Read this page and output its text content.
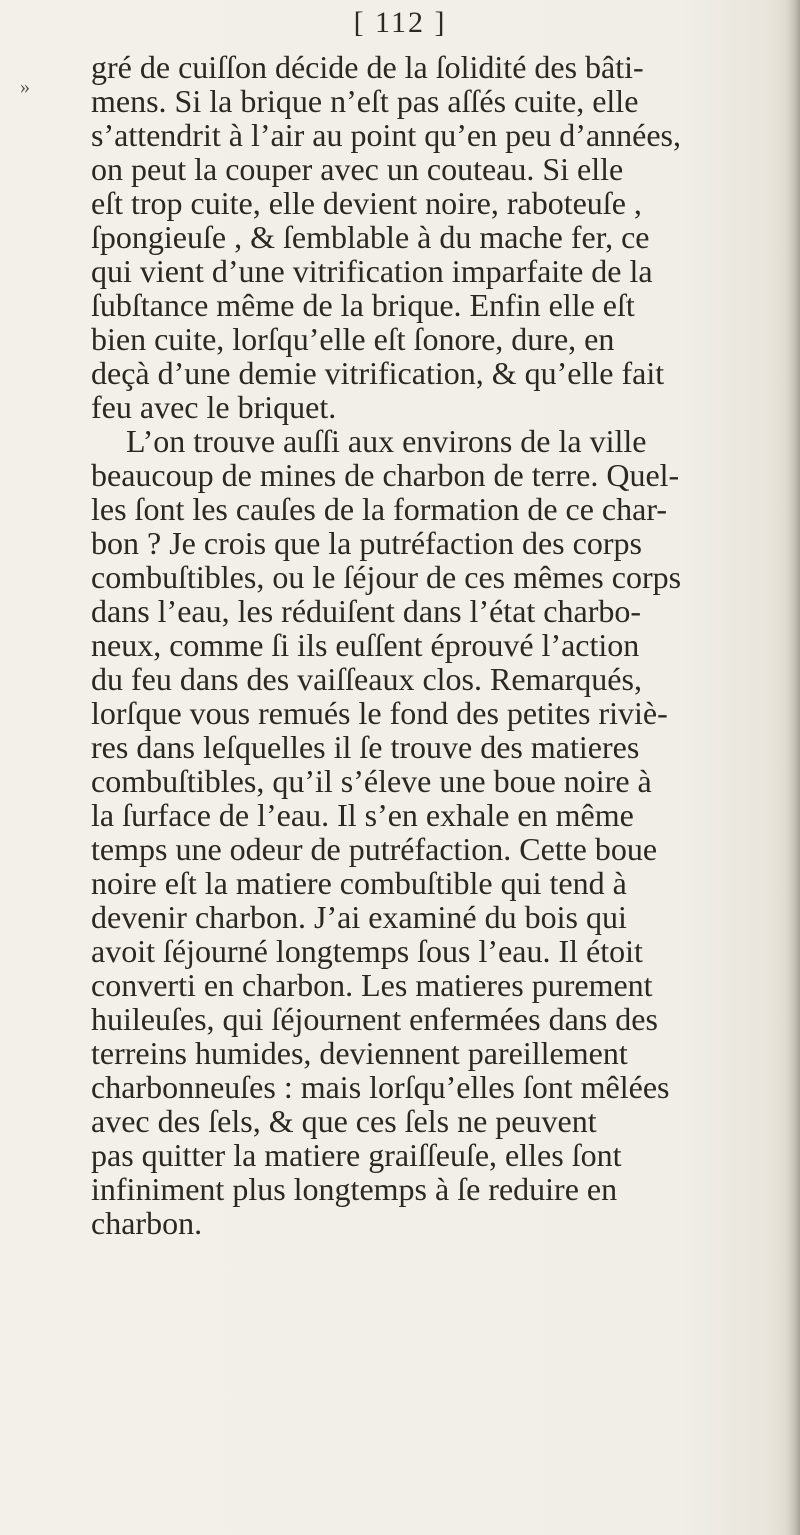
[ 112 ]
»
gré de cuiſſon décide de la ſolidité des bâti-
mens. Si la brique n’eſt pas aſſés cuite, elle
s’attendrit à l’air au point qu’en peu d’années,
on peut la couper avec un couteau. Si elle
eſt trop cuite, elle devient noire, raboteuſe ,
ſpongieuſe , & ſemblable à du mache fer, ce
qui vient d’une vitrification imparfaite de la
ſubſtance même de la brique. Enfin elle eſt
bien cuite, lorſqu’elle eſt ſonore, dure, en
deçà d’une demie vitrification, & qu’elle fait
feu avec le briquet.
L’on trouve auſſi aux environs de la ville
beaucoup de mines de charbon de terre. Quel-
les ſont les cauſes de la formation de ce char-
bon ? Je crois que la putréfaction des corps
combuſtibles, ou le ſéjour de ces mêmes corps
dans l’eau, les réduiſent dans l’état charbo-
neux, comme ſi ils euſſent éprouvé l’action
du feu dans des vaiſſeaux clos. Remarqués,
lorſque vous remués le fond des petites riviè-
res dans leſquelles il ſe trouve des matieres
combuſtibles, qu’il s’éleve une boue noire à
la ſurface de l’eau. Il s’en exhale en même
temps une odeur de putréfaction. Cette boue
noire eſt la matiere combuſtible qui tend à
devenir charbon. J’ai examiné du bois qui
avoit ſéjourné longtemps ſous l’eau. Il étoit
converti en charbon. Les matieres purement
huileuſes, qui ſéjournent enfermées dans des
terreins humides, deviennent pareillement
charbonneuſes : mais lorſqu’elles ſont mêlées
avec des ſels, & que ces ſels ne peuvent
pas quitter la matiere graiſſeuſe, elles ſont
infiniment plus longtemps à ſe reduire en
charbon.
